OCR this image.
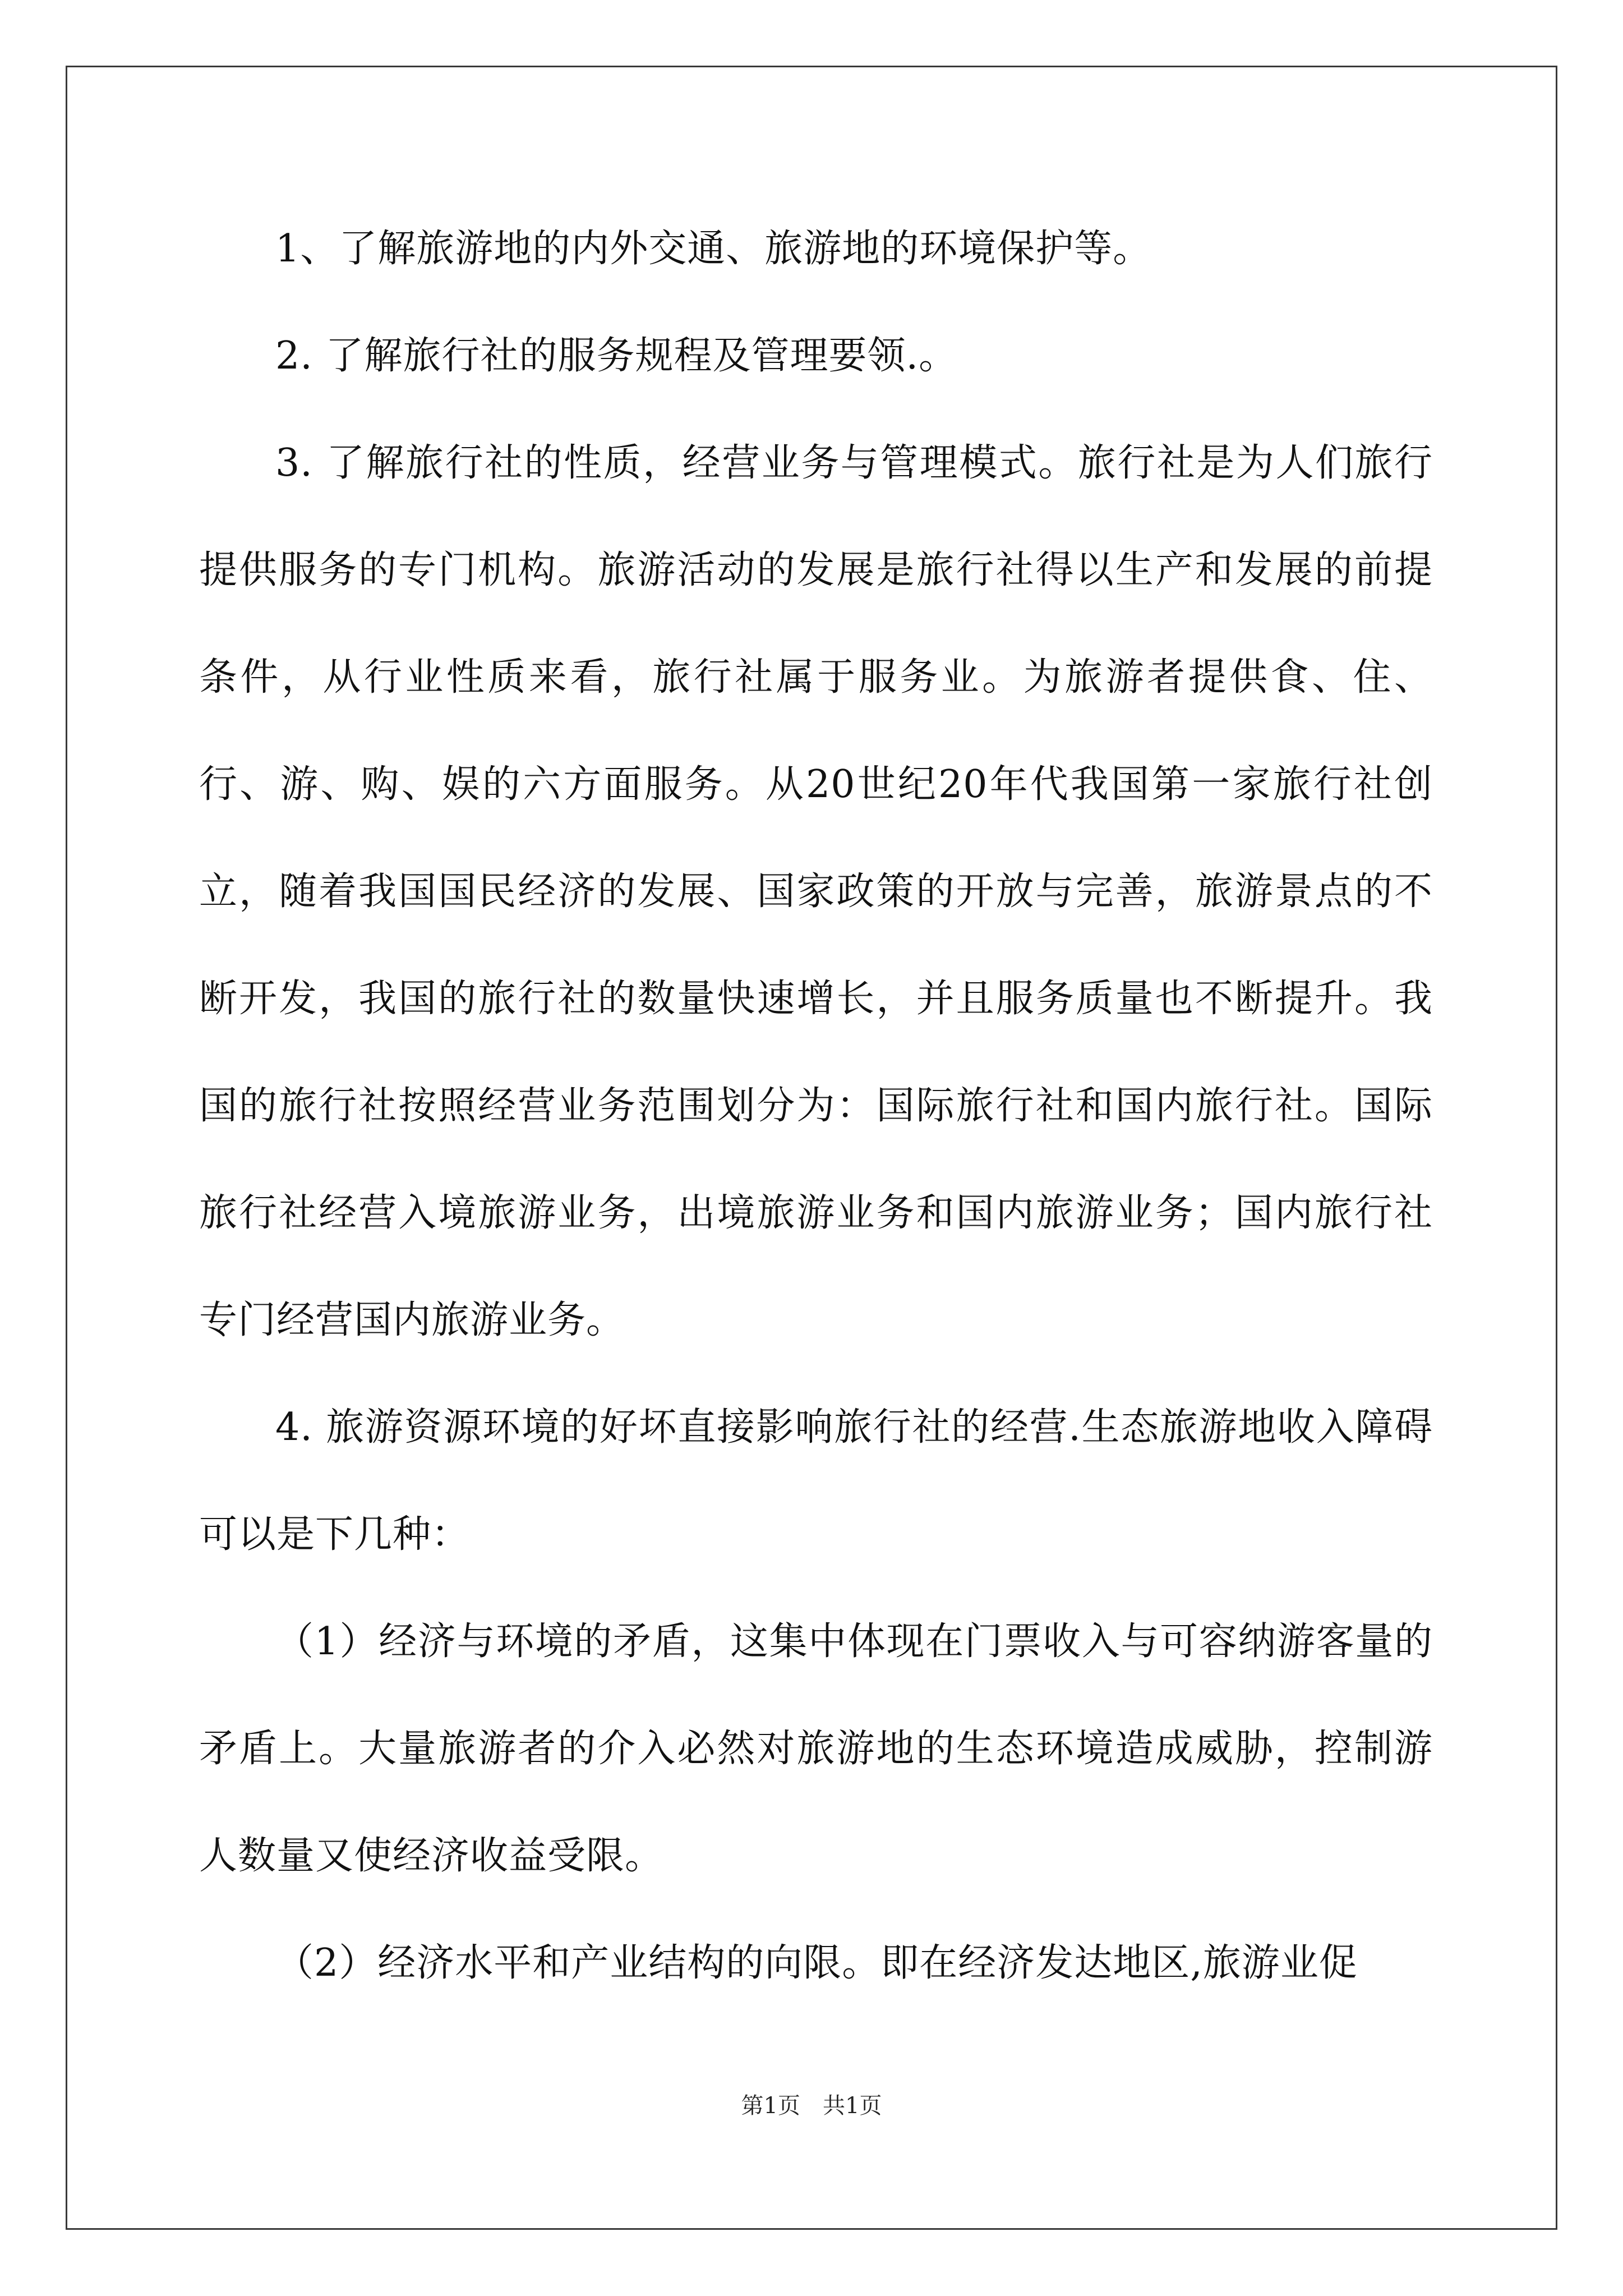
1、了解旅游地的内外交通、旅游地的环境保护等。

2. 了解旅行社的服务规程及管理要领.。

3. 了解旅行社的性质，经营业务与管理模式。旅行社是为人们旅行提供服务的专门机构。旅游活动的发展是旅行社得以生产和发展的前提条件，从行业性质来看，旅行社属于服务业。为旅游者提供食、住、行、游、购、娱的六方面服务。从20世纪20年代我国第一家旅行社创立，随着我国国民经济的发展、国家政策的开放与完善，旅游景点的不断开发，我国的旅行社的数量快速增长，并且服务质量也不断提升。我国的旅行社按照经营业务范围划分为：国际旅行社和国内旅行社。国际旅行社经营入境旅游业务，出境旅游业务和国内旅游业务；国内旅行社专门经营国内旅游业务。

4. 旅游资源环境的好坏直接影响旅行社的经营.生态旅游地收入障碍可以是下几种：

（1）经济与环境的矛盾，这集中体现在门票收入与可容纳游客量的矛盾上。大量旅游者的介入必然对旅游地的生态环境造成威胁，控制游人数量又使经济收益受限。

（2）经济水平和产业结构的向限。即在经济发达地区,旅游业促

第1页　共1页
